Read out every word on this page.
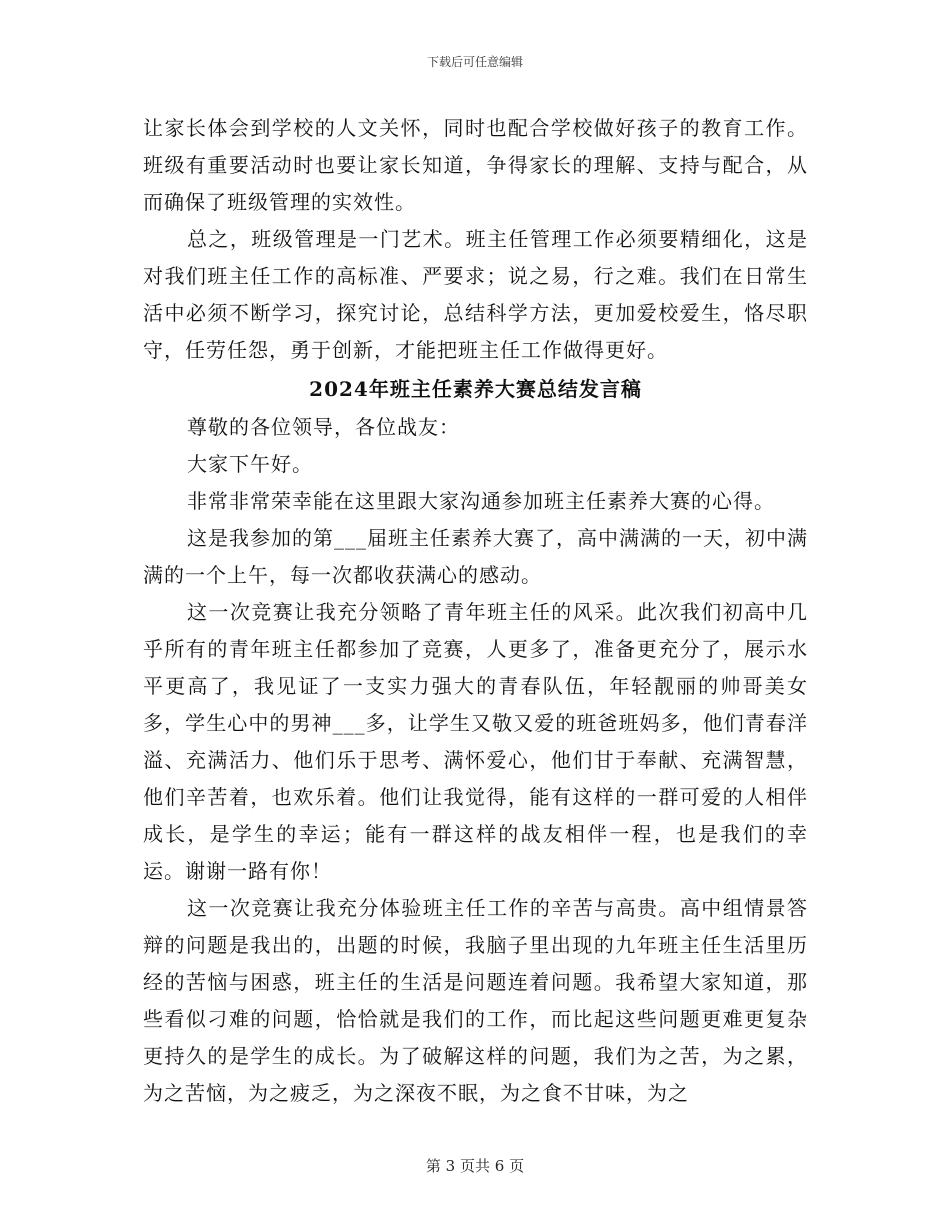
下载后可任意编辑

让家长体会到学校的人文关怀，同时也配合学校做好孩子的教育工作。班级有重要活动时也要让家长知道，争得家长的理解、支持与配合，从而确保了班级管理的实效性。

总之，班级管理是一门艺术。班主任管理工作必须要精细化，这是对我们班主任工作的高标准、严要求；说之易，行之难。我们在日常生活中必须不断学习，探究讨论，总结科学方法，更加爱校爱生，恪尽职守，任劳任怨，勇于创新，才能把班主任工作做得更好。

2024年班主任素养大赛总结发言稿

尊敬的各位领导，各位战友：

大家下午好。

非常非常荣幸能在这里跟大家沟通参加班主任素养大赛的心得。

这是我参加的第___届班主任素养大赛了，高中满满的一天，初中满满的一个上午，每一次都收获满心的感动。

这一次竞赛让我充分领略了青年班主任的风采。此次我们初高中几乎所有的青年班主任都参加了竞赛，人更多了，准备更充分了，展示水平更高了，我见证了一支实力强大的青春队伍，年轻靓丽的帅哥美女多，学生心中的男神___多，让学生又敬又爱的班爸班妈多，他们青春洋溢、充满活力、他们乐于思考、满怀爱心，他们甘于奉献、充满智慧，他们辛苦着，也欢乐着。他们让我觉得，能有这样的一群可爱的人相伴成长，是学生的幸运；能有一群这样的战友相伴一程，也是我们的幸运。谢谢一路有你！

这一次竞赛让我充分体验班主任工作的辛苦与高贵。高中组情景答辩的问题是我出的，出题的时候，我脑子里出现的九年班主任生活里历经的苦恼与困惑，班主任的生活是问题连着问题。我希望大家知道，那些看似刁难的问题，恰恰就是我们的工作，而比起这些问题更难更复杂更持久的是学生的成长。为了破解这样的问题，我们为之苦，为之累，为之苦恼，为之疲乏，为之深夜不眠，为之食不甘味，为之

第 3 页共 6 页
